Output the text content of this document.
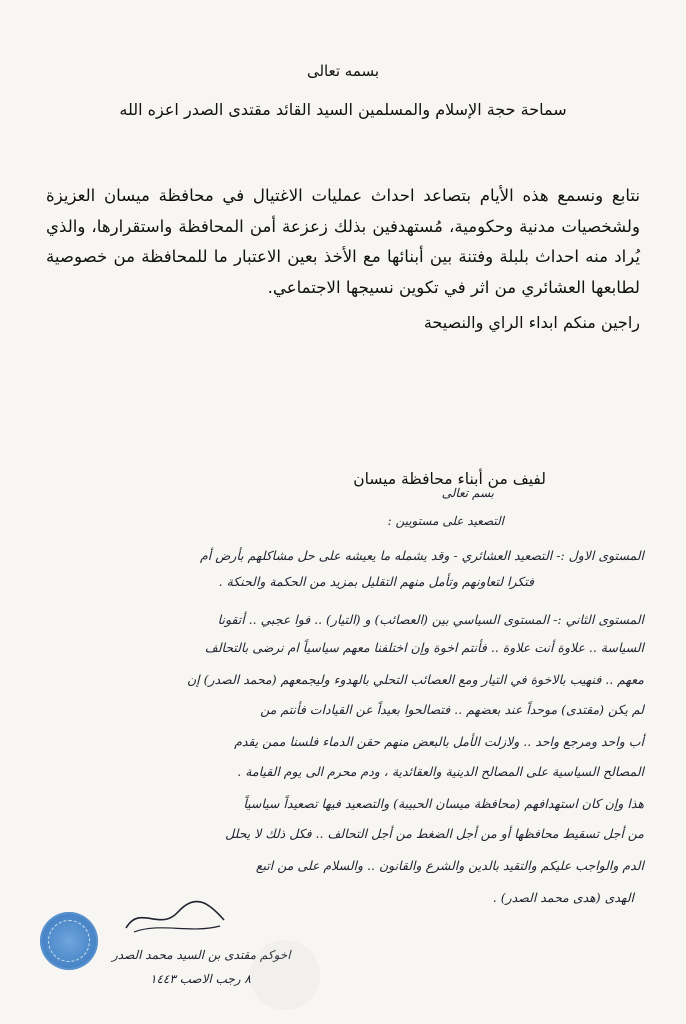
بسمه تعالى

سماحة حجة الإسلام والمسلمين السيد القائد مقتدى الصدر اعزه الله

نتابع ونسمع هذه الأيام بتصاعد احداث عمليات الاغتيال في محافظة ميسان العزيزة ولشخصيات مدنية وحكومية، مُستهدفين بذلك زعزعة أمن المحافظة واستقرارها، والذي يُراد منه احداث بلبلة وفتنة بين أبنائها مع الأخذ بعين الاعتبار ما للمحافظة من خصوصية لطابعها العشائري من اثر في تكوين نسيجها الاجتماعي.

راجين منكم ابداء الراي والنصيحة

لفيف من أبناء محافظة ميسان
بسم تعالى
التصعيد على مستويين :
المستوى الاول :- التصعيد العشائري - وقد يشمله ما يعيشه على حل مشاكلهم بأرض أم
فتكرا لتعاونهم وتأمل منهم التقليل بمزيد من الحكمة والحنكة .
المستوى الثاني :- المستوى السياسي بين (العصائب) و (التيار) .. فوا عجبي .. أتقونا
السياسة .. علاوة أنت علاوة .. فأنتم اخوة وإن اختلفنا معهم سياسياً ام نرضى بالتحالف
معهم .. فنهيب بالاخوة في التيار ومع العصائب التحلي بالهدوء وليجمعهم (محمد الصدر) إن
لم يكن (مقتدى) موحداً عند بعضهم .. فتصالحوا بعيداً عن القيادات فأنتم من
أب واحد ومرجع واحد .. ولازلت الأمل بالبعض منهم حقن الدماء فلسنا ممن يقدم
المصالح السياسية على المصالح الدينية والعقائدية ، ودم محرم الى يوم القيامة .
هذا وإن كان استهدافهم (محافظة ميسان الحبيبة) والتصعيد فيها تصعيداً سياسياً
من أجل تسقيط محافظها أو من أجل الضغط من أجل التحالف .. فكل ذلك لا يحلل
الدم والواجب عليكم والتقيد بالدين والشرع والقانون .. والسلام على من اتبع
الهدى (هدى محمد الصدر) .
اخوكم مقتدى بن السيد محمد الصدر
٨ رجب الاصب ١٤٤٣
